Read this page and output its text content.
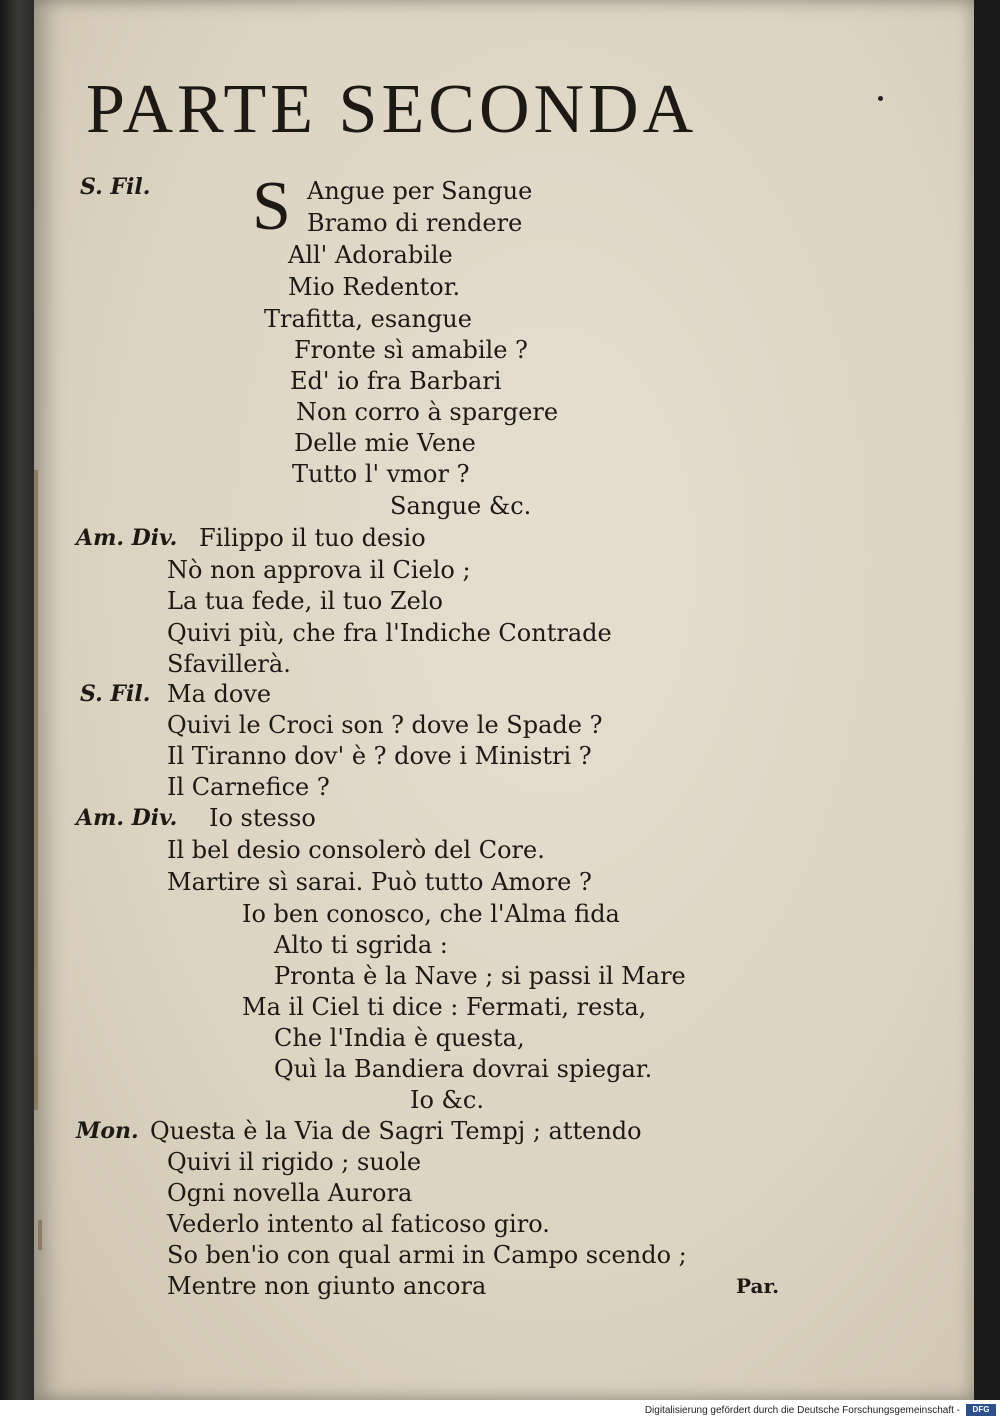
PARTE SECONDA
S. Fil. S Angue per Sangue
Bramo di rendere
All' Adorabile
Mio Redentor.
Trafitta, esangue
Fronte sì amabile ?
Ed' io fra Barbari
Non corro à spargere
Delle mie Vene
Tutto l' vmor ?
Sangue &c.
Am. Div. Filippo il tuo desio
Nò non approva il Cielo ;
La tua fede, il tuo Zelo
Quivi più, che fra l'Indiche Contrade
Sfavillerà.
S. Fil. Ma dove
Quivi le Croci son ? dove le Spade ?
Il Tiranno dov' è ? dove i Ministri ?
Il Carnefice ?
Am. Div. Io stesso
Il bel desio consolerò del Core.
Martire sì sarai. Può tutto Amore ?
Io ben conosco, che l'Alma fida
Alto ti sgrida :
Pronta è la Nave ; si passi il Mare
Ma il Ciel ti dice : Fermati, resta,
Che l'India è questa,
Quì la Bandiera dovrai spiegar.
Io &c.
Mon. Questa è la Via de Sagri Tempj ; attendo
Quivi il rigido ; suole
Ogni novella Aurora
Vederlo intento al faticoso giro.
So ben'io con qual armi in Campo scendo ;
Mentre non giunto ancora	Par.
Digitalisierung gefördert durch die Deutsche Forschungsgemeinschaft -	DFG
